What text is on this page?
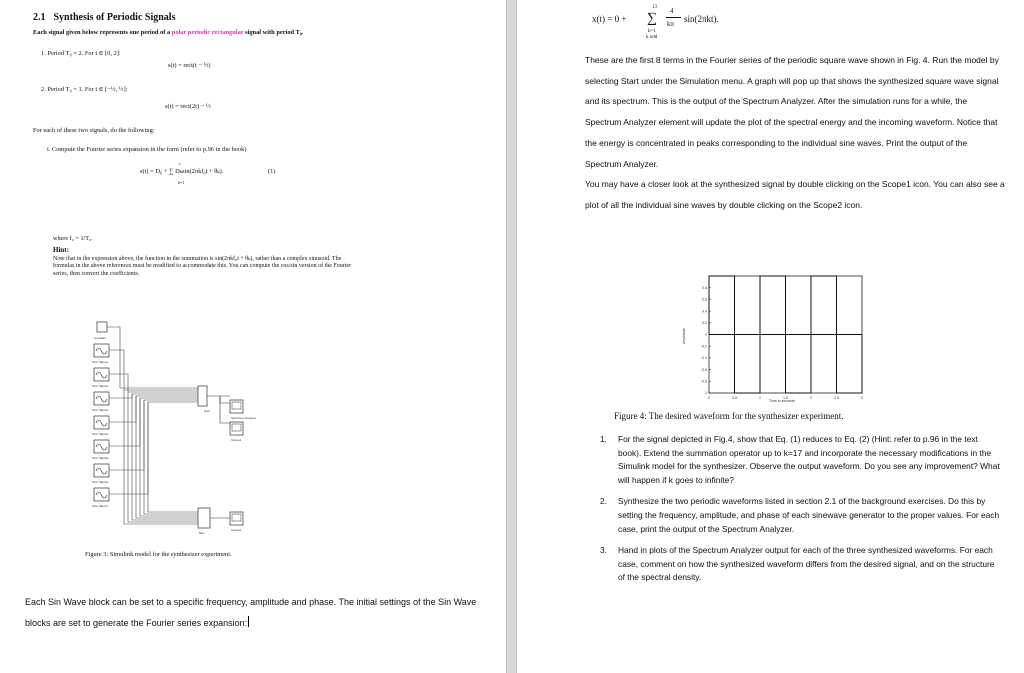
2.1 Synthesis of Periodic Signals
Each signal given below represents one period of a polar periodic rectangular signal with period T₀.
1. Period T₀ = 2. For t ∈ [0, 2]:
s(t) = rect(t − ½)
2. Period T₀ = 1. For t ∈ [−½, ½]:
s(t) = rect(2t) − ½
For each of these two signals, do the following:
i. Compute the Fourier series expansion in the form (refer to p.96 in the book)
∞
s(t) = D₀ + ∑ Dₖsin(2πkf₀t + θₖ).
k=1
(1)
where f₀ = 1/T₀.
Hint:
Note that in the expression above, the function in the summation is sin(2πkf₀t + θₖ), rather than a complex sinusoid. The formulas in the above references must be modified to accommodate this. You can compute the cos/sin version of the Fourier series, then convert the coefficients.
Constant
Sine Wave1
Sine Wave2
Sine Wave3
Sine Wave4
Sine Wave5
Sine Wave6
Sine Wave7
Sum
Spectrum Analyzer
Scope1
Mux
Scope2
Figure 3: Simulink model for the synthesizer experiment.
Each Sin Wave block can be set to a specific frequency, amplitude and phase. The initial settings of the Sin Wave blocks are set to generate the Fourier series expansion:
x(t) = 0 +
13
∑
k=1
k odd
4
kπ sin(2πkt).

These are the first 8 terms in the Fourier series of the periodic square wave shown in Fig. 4. Run the model by selecting Start under the Simulation menu. A graph will pop up that shows the synthesized square wave signal and its spectrum. This is the output of the Spectrum Analyzer. After the simulation runs for a while, the Spectrum Analyzer element will update the plot of the spectral energy and the incoming waveform. Notice that the energy is concentrated in peaks corresponding to the individual sine waves. Print the output of the Spectrum Analyzer.

You may have a closer look at the synthesized signal by double clicking on the Scope1 icon. You can also see a plot of all the individual sine waves by double clicking on the Scope2 icon.

0	0.5	1	1.5	2	2.5	3
0.8
0.6
0.4
0.2
0
-0.2
-0.4
-0.6
-0.8
-1
Time in seconds
Amplitude
Figure 4: The desired waveform for the synthesizer experiment.
1. For the signal depicted in Fig.4, show that Eq. (1) reduces to Eq. (2) (Hint: refer to p.96 in the text book). Extend the summation operator up to k=17 and incorporate the necessary modifications in the Simulink model for the synthesizer. Observe the output waveform. Do you see any improvement? What will happen if k goes to infinite?
2. Synthesize the two periodic waveforms listed in section 2.1 of the background exercises. Do this by setting the frequency, amplitude, and phase of each sinewave generator to the proper values. For each case, print the output of the Spectrum Analyzer.
3. Hand in plots of the Spectrum Analyzer output for each of the three synthesized waveforms. For each case, comment on how the synthesized waveform differs from the desired signal, and on the structure of the spectral density.
